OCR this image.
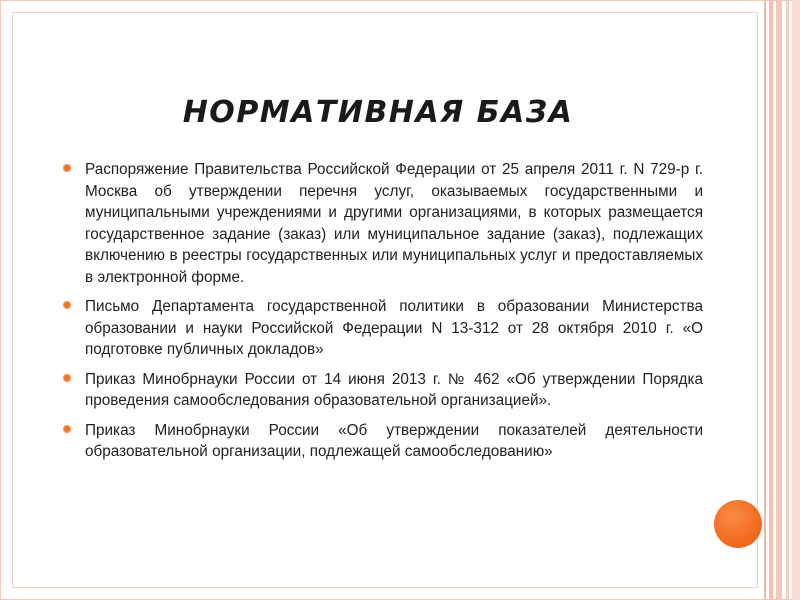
НОРМАТИВНАЯ БАЗА
Распоряжение Правительства Российской Федерации от 25 апреля 2011 г. N 729-р г. Москва об утверждении перечня услуг, оказываемых государственными и муниципальными учреждениями и другими организациями, в которых размещается государственное задание (заказ) или муниципальное задание (заказ), подлежащих включению в реестры государственных или муниципальных услуг и предоставляемых в электронной форме.
Письмо Департамента государственной политики в образовании Министерства образовании и науки Российской Федерации N 13-312 от 28 октября 2010 г. «О подготовке публичных докладов»
Приказ Минобрнауки России от 14 июня 2013 г. № 462 «Об утверждении Порядка проведения самообследования образовательной организацией».
Приказ Минобрнауки России «Об утверждении показателей деятельности образовательной организации, подлежащей самообследованию»
